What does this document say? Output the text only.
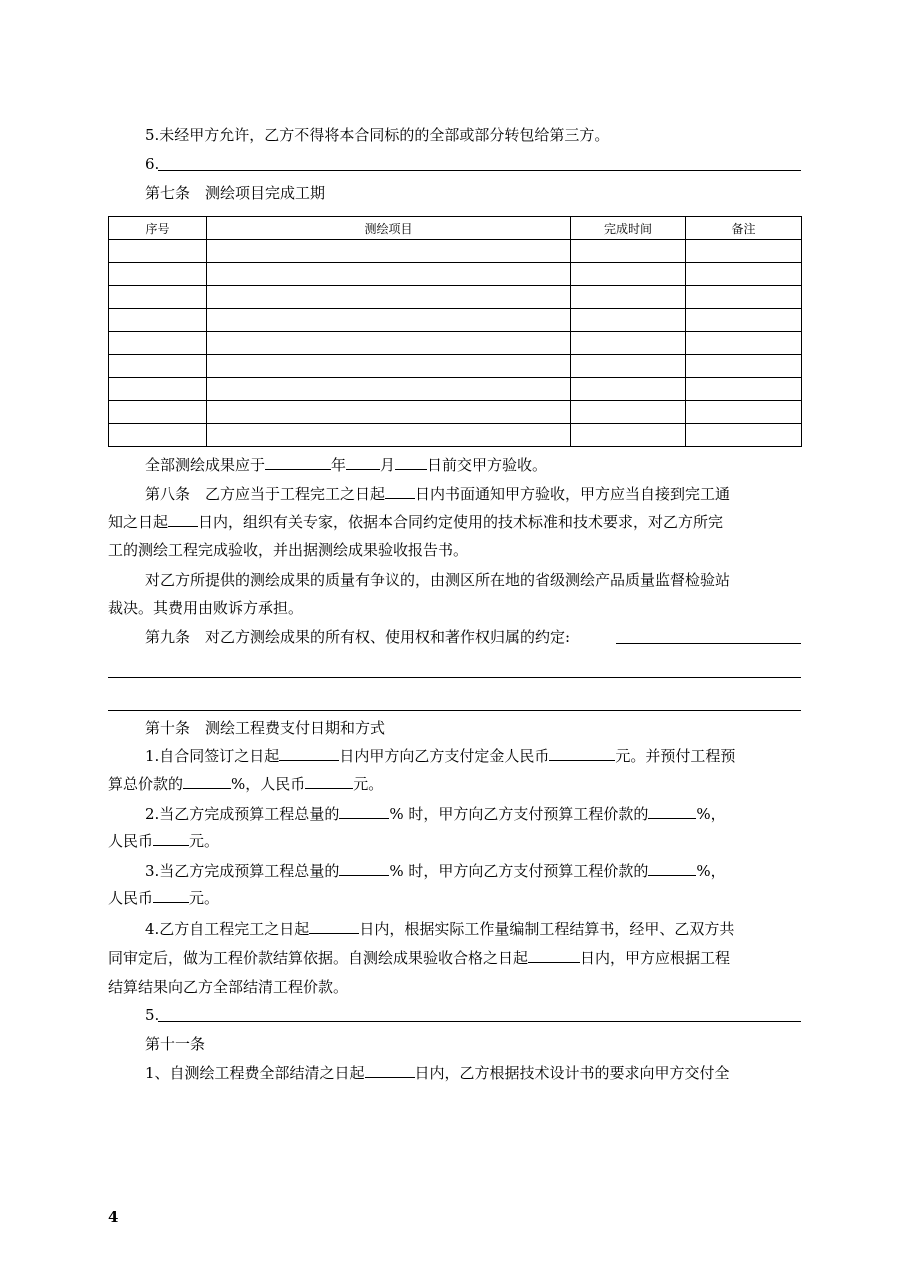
5.未经甲方允许，乙方不得将本合同标的的全部或部分转包给第三方。
6.
第七条　测绘项目完成工期
序号	测绘项目	完成时间	备注

全部测绘成果应于	年 月 日前交甲方验收。
第八条　乙方应当于工程完工之日起 日内书面通知甲方验收，甲方应当自接到完工通
知之日起 日内，组织有关专家，依据本合同约定使用的技术标准和技术要求，对乙方所完
工的测绘工程完成验收，并出据测绘成果验收报告书。
对乙方所提供的测绘成果的质量有争议的，由测区所在地的省级测绘产品质量监督检验站
裁决。其费用由败诉方承担。
第九条　对乙方测绘成果的所有权、使用权和著作权归属的约定:
第十条　测绘工程费支付日期和方式
1.自合同签订之日起	日内甲方向乙方支付定金人民币	元。并预付工程预
算总价款的	%，人民币	元。
2.当乙方完成预算工程总量的	% 时，甲方向乙方支付预算工程价款的	%，
人民币 元。
3.当乙方完成预算工程总量的	% 时，甲方向乙方支付预算工程价款的	%，
人民币 元。
4.乙方自工程完工之日起	日内，根据实际工作量编制工程结算书，经甲、乙双方共
同审定后，做为工程价款结算依据。自测绘成果验收合格之日起	日内，甲方应根据工程
结算结果向乙方全部结清工程价款。
5.
第十一条
1、自测绘工程费全部结清之日起	日内，乙方根据技术设计书的要求向甲方交付全
4
